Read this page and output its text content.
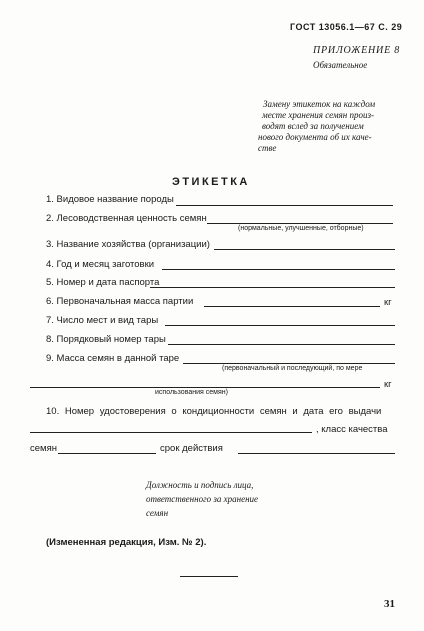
ГОСТ 13056.1—67 С. 29
ПРИЛОЖЕНИЕ 8
Обязательное
Замену этикеток на каждом
месте хранения семян произ-
водят вслед за получением
нового документа об их каче-
стве
ЭТИКЕТКА
1. Видовое название породы
2. Лесоводственная ценность семян
(нормальные, улучшенные, отборные)
3. Название хозяйства (организации)
4. Год и месяц заготовки
5. Номер и дата паспорта
6. Первоначальная масса партии	кг
7. Число мест и вид тары
8. Порядковый номер тары
9. Масса семян в данной таре
(первоначальный и последующий, по мере
кг
использования семян)
10. Номер удостоверения о кондиционности семян и дата его выдачи
, класс качества
семян	срок действия
Должность и подпись лица,
ответственного за хранение
семян
(Измененная редакция, Изм. № 2).
31
